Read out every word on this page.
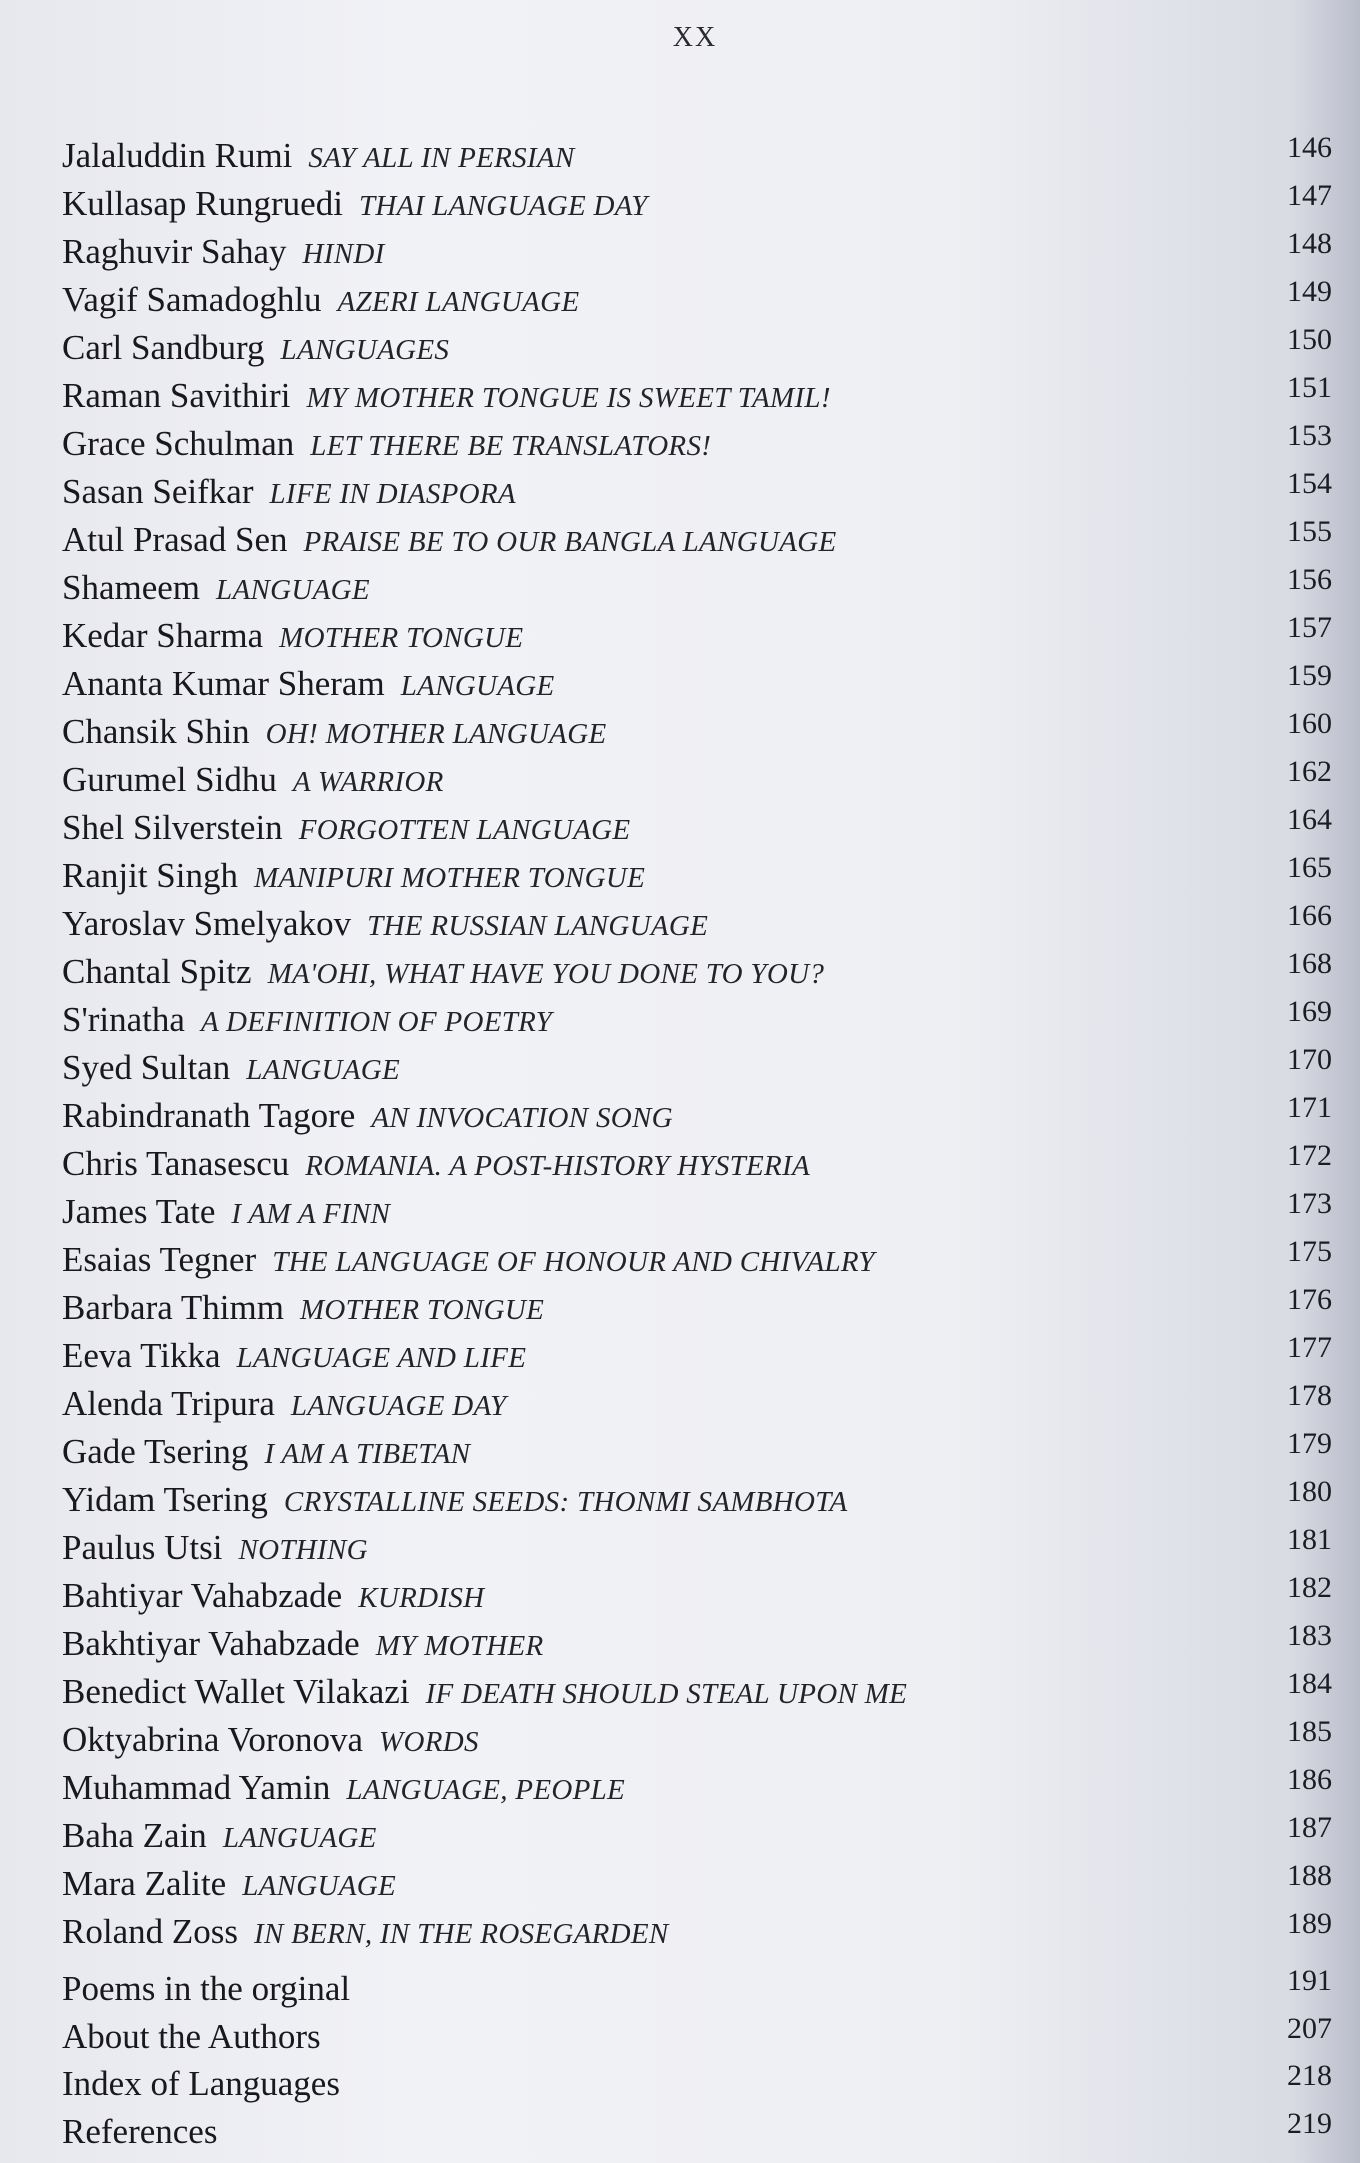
XX
Jalaluddin Rumi SAY ALL IN PERSIAN	146
Kullasap Rungruedi THAI LANGUAGE DAY	147
Raghuvir Sahay HINDI	148
Vagif Samadoghlu AZERI LANGUAGE	149
Carl Sandburg LANGUAGES	150
Raman Savithiri MY MOTHER TONGUE IS SWEET TAMIL!	151
Grace Schulman LET THERE BE TRANSLATORS!	153
Sasan Seifkar LIFE IN DIASPORA	154
Atul Prasad Sen PRAISE BE TO OUR BANGLA LANGUAGE	155
Shameem LANGUAGE	156
Kedar Sharma MOTHER TONGUE	157
Ananta Kumar Sheram LANGUAGE	159
Chansik Shin OH! MOTHER LANGUAGE	160
Gurumel Sidhu A WARRIOR	162
Shel Silverstein FORGOTTEN LANGUAGE	164
Ranjit Singh MANIPURI MOTHER TONGUE	165
Yaroslav Smelyakov THE RUSSIAN LANGUAGE	166
Chantal Spitz MA'OHI, WHAT HAVE YOU DONE TO YOU?	168
S'rinatha A DEFINITION OF POETRY	169
Syed Sultan LANGUAGE	170
Rabindranath Tagore AN INVOCATION SONG	171
Chris Tanasescu ROMANIA. A POST-HISTORY HYSTERIA	172
James Tate I AM A FINN	173
Esaias Tegner THE LANGUAGE OF HONOUR AND CHIVALRY	175
Barbara Thimm MOTHER TONGUE	176
Eeva Tikka LANGUAGE AND LIFE	177
Alenda Tripura LANGUAGE DAY	178
Gade Tsering I AM A TIBETAN	179
Yidam Tsering CRYSTALLINE SEEDS: THONMI SAMBHOTA	180
Paulus Utsi NOTHING	181
Bahtiyar Vahabzade KURDISH	182
Bakhtiyar Vahabzade MY MOTHER	183
Benedict Wallet Vilakazi IF DEATH SHOULD STEAL UPON ME	184
Oktyabrina Voronova WORDS	185
Muhammad Yamin LANGUAGE, PEOPLE	186
Baha Zain LANGUAGE	187
Mara Zalite LANGUAGE	188
Roland Zoss IN BERN, IN THE ROSEGARDEN	189
Poems in the orginal	191
About the Authors	207
Index of Languages	218
References	219
